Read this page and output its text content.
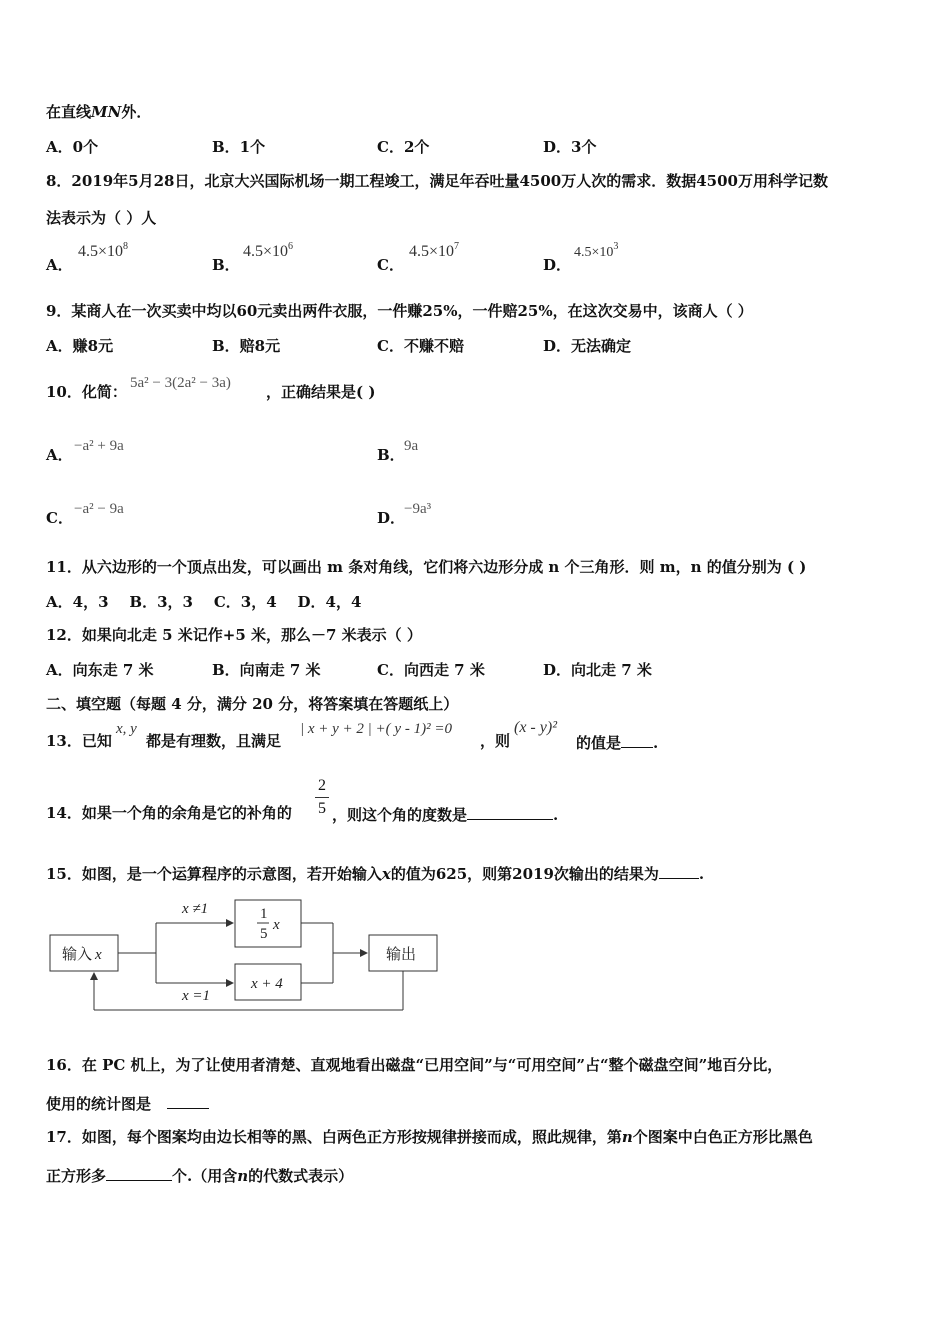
在直线MN外．
A．0个	B．1个	C．2个	D．3个
8．2019年5月28日，北京大兴国际机场一期工程竣工，满足年吞吐量4500万人次的需求．数据4500万用科学记数
法表示为（ ）人
A．
$4.5\times 10^8$
B．
$4.5\times 10^6$
C．
$4.5\times 10^7$
D．
$4.5\times 10^3$
9．某商人在一次买卖中均以60元卖出两件衣服，一件赚25%，一件赔25%，在这次交易中，该商人（ ）
A．赚8元	B．赔8元	C．不赚不赔	D．无法确定
10．化简： 5a² − 3(2a² − 3a) ，正确结果是( )
A． −a² + 9a	B． 9a
C． −a² − 9a	D．
−9a³
11．从六边形的一个顶点出发，可以画出 m 条对角线，它们将六边形分成 n 个三角形．则 m，n 的值分别为 ( )
A．4，3    B．3，3    C．3，4    D．4，4
12．如果向北走 5 米记作+5 米，那么－7 米表示（ ）
A．向东走 7 米	B．向南走 7 米	C．向西走 7 米	D．向北走 7 米
二、填空题（每题 4 分，满分 20 分，将答案填在答题纸上）
13．已知
x, y
都是有理数，且满足
| x + y + 2 | +( y - 1)² =0
，则
(x - y)²
的值是 .
14．如果一个角的余角是它的补角的
2
5 ，则这个角的度数是	.
15．如图，是一个运算程序的示意图，若开始输入x的值为625，则第2019次输出的结果为	.
输入 x
x ≠1
x =1
1
5
x
x + 4
输出
16．在 PC 机上，为了让使用者清楚、直观地看出磁盘“已用空间”与“可用空间”占“整个磁盘空间”地百分比，
使用的统计图是
17．如图，每个图案均由边长相等的黑、白两色正方形按规律拼接而成，照此规律，第n个图案中白色正方形比黑色
正方形多	个.（用含n的代数式表示）
